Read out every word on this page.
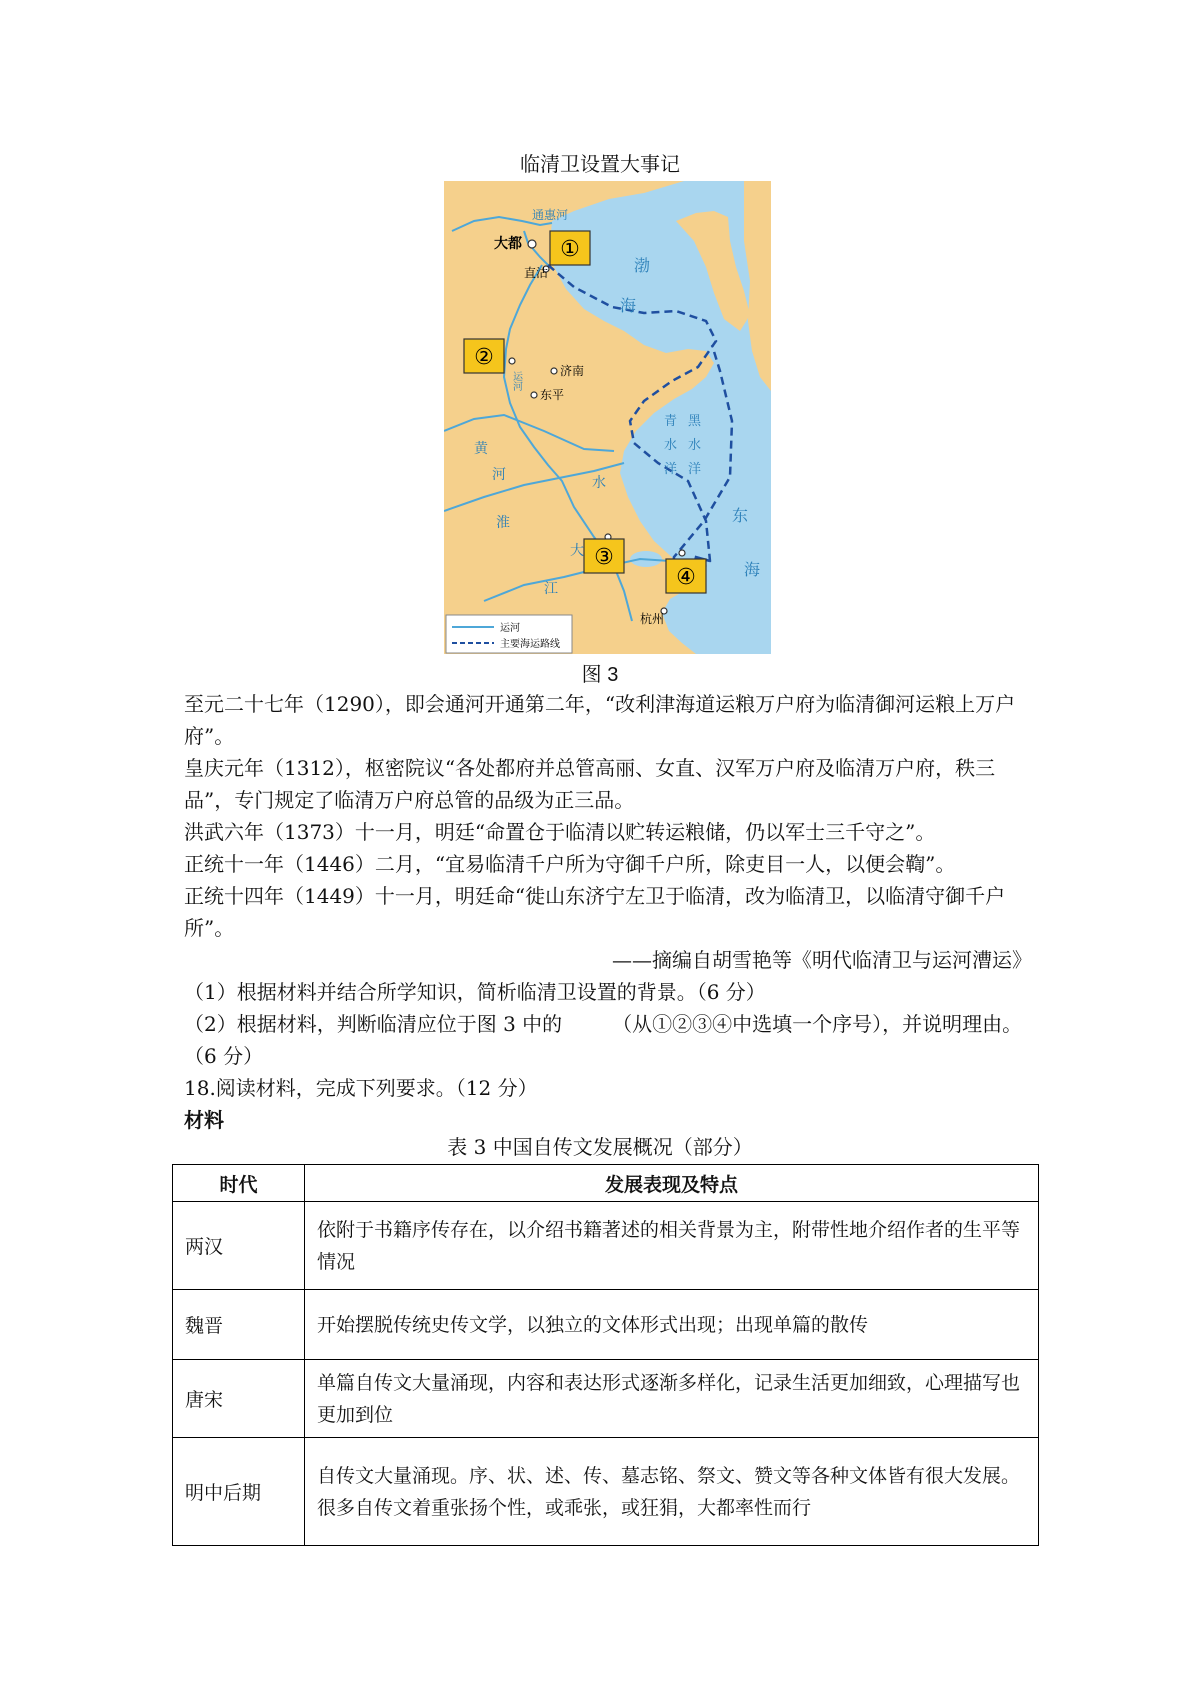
临清卫设置大事记
通惠河
大都
直沽
济南
东平
运河
黄
河
淮
水
大
江
渤
海
青
水
洋
黑
水
洋
东
海
杭州
①
②
③
④
运河
主要海运路线
图 3

至元二十七年（1290），即会通河开通第二年，“改利津海道运粮万户府为临清御河运粮上万户府”。

皇庆元年（1312），枢密院议“各处都府并总管高丽、女直、汉军万户府及临清万户府，秩三品”，专门规定了临清万户府总管的品级为正三品。

洪武六年（1373）十一月，明廷“命置仓于临清以贮转运粮储，仍以军士三千守之”。

正统十一年（1446）二月，“宜易临清千户所为守御千户所，除吏目一人，以便会鞫”。

正统十四年（1449）十一月，明廷命“徙山东济宁左卫于临清，改为临清卫，以临清守御千户所”。

——摘编自胡雪艳等《明代临清卫与运河漕运》

（1）根据材料并结合所学知识，简析临清卫设置的背景。（6 分）

（2）根据材料，判断临清应位于图 3 中的　　　（从①②③④中选填一个序号），并说明理由。（6 分）

18.阅读材料，完成下列要求。（12 分）

材料

表 3 中国自传文发展概况（部分）
时代	发展表现及特点
两汉	依附于书籍序传存在，以介绍书籍著述的相关背景为主，附带性地介绍作者的生平等情况
魏晋	开始摆脱传统史传文学，以独立的文体形式出现；出现单篇的散传
唐宋	单篇自传文大量涌现，内容和表达形式逐渐多样化，记录生活更加细致，心理描写也更加到位
明中后期	自传文大量涌现。序、状、述、传、墓志铭、祭文、赞文等各种文体皆有很大发展。很多自传文着重张扬个性，或乖张，或狂狷，大都率性而行
